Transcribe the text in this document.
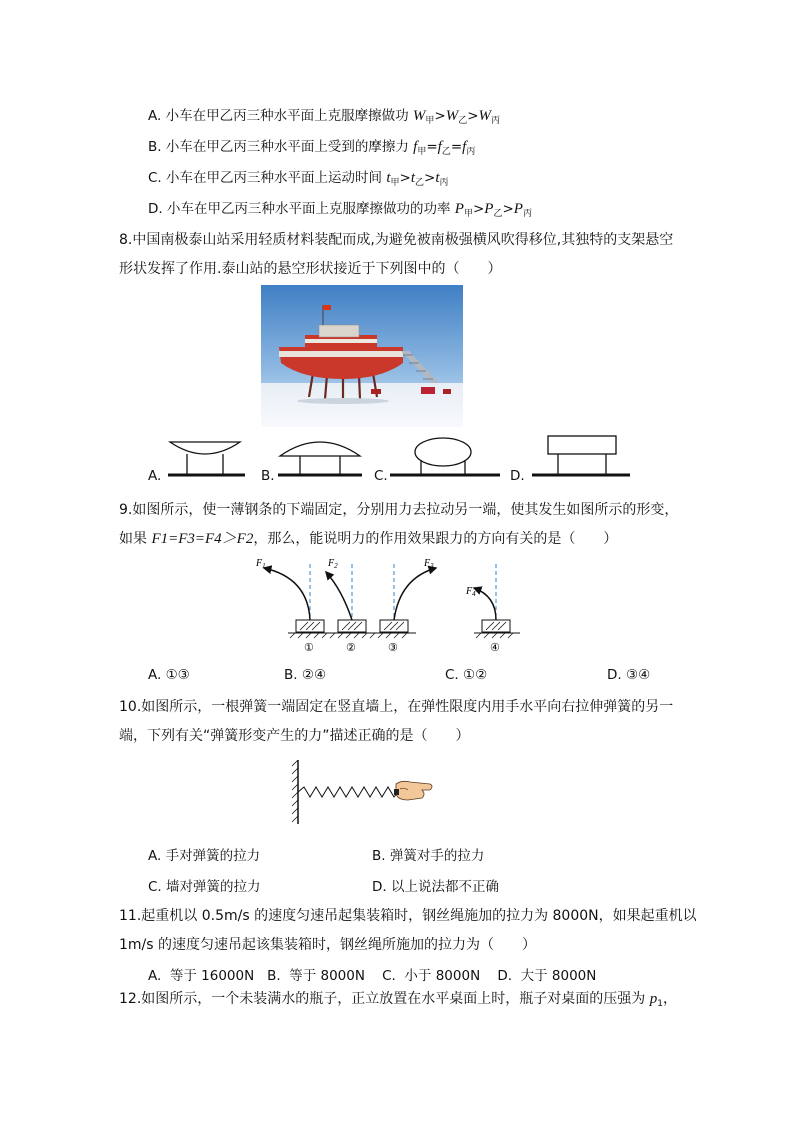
A. 小车在甲乙丙三种水平面上克服摩擦做功 $W_甲>W_乙>W_丙$
B. 小车在甲乙丙三种水平面上受到的摩擦力 $f_甲=f_乙=f_丙$
C. 小车在甲乙丙三种水平面上运动时间 $t_甲>t_乙>t_丙$
D. 小车在甲乙丙三种水平面上克服摩擦做功的功率 $P_甲>P_乙>P_丙$
8.中国南极泰山站采用轻质材料装配而成,为避免被南极强横风吹得移位,其独特的支架悬空
形状发挥了作用.泰山站的悬空形状接近于下列图中的（　　）
A.	B.	C.	D.
9.如图所示，使一薄钢条的下端固定，分别用力去拉动另一端，使其发生如图所示的形变，
如果 F1=F3=F4＞F2，那么，能说明力的作用效果跟力的方向有关的是（　　）
$F_1$	$F_2$	$F_3$
$F_4$
①	②	③	④
A. ①③	B. ②④	C. ①②	D. ③④
10.如图所示，一根弹簧一端固定在竖直墙上，在弹性限度内用手水平向右拉伸弹簧的另一
端，下列有关“弹簧形变产生的力”描述正确的是（　　）
A. 手对弹簧的拉力	B. 弹簧对手的拉力
C. 墙对弹簧的拉力	D. 以上说法都不正确
11.起重机以 0.5m/s 的速度匀速吊起集装箱时，钢丝绳施加的拉力为 8000N，如果起重机以
1m/s 的速度匀速吊起该集装箱时，钢丝绳所施加的拉力为（　　）
A.  等于 16000N   B.  等于 8000N    C.  小于 8000N    D.  大于 8000N
12.如图所示，一个未装满水的瓶子，正立放置在水平桌面上时，瓶子对桌面的压强为 $p_1$，
